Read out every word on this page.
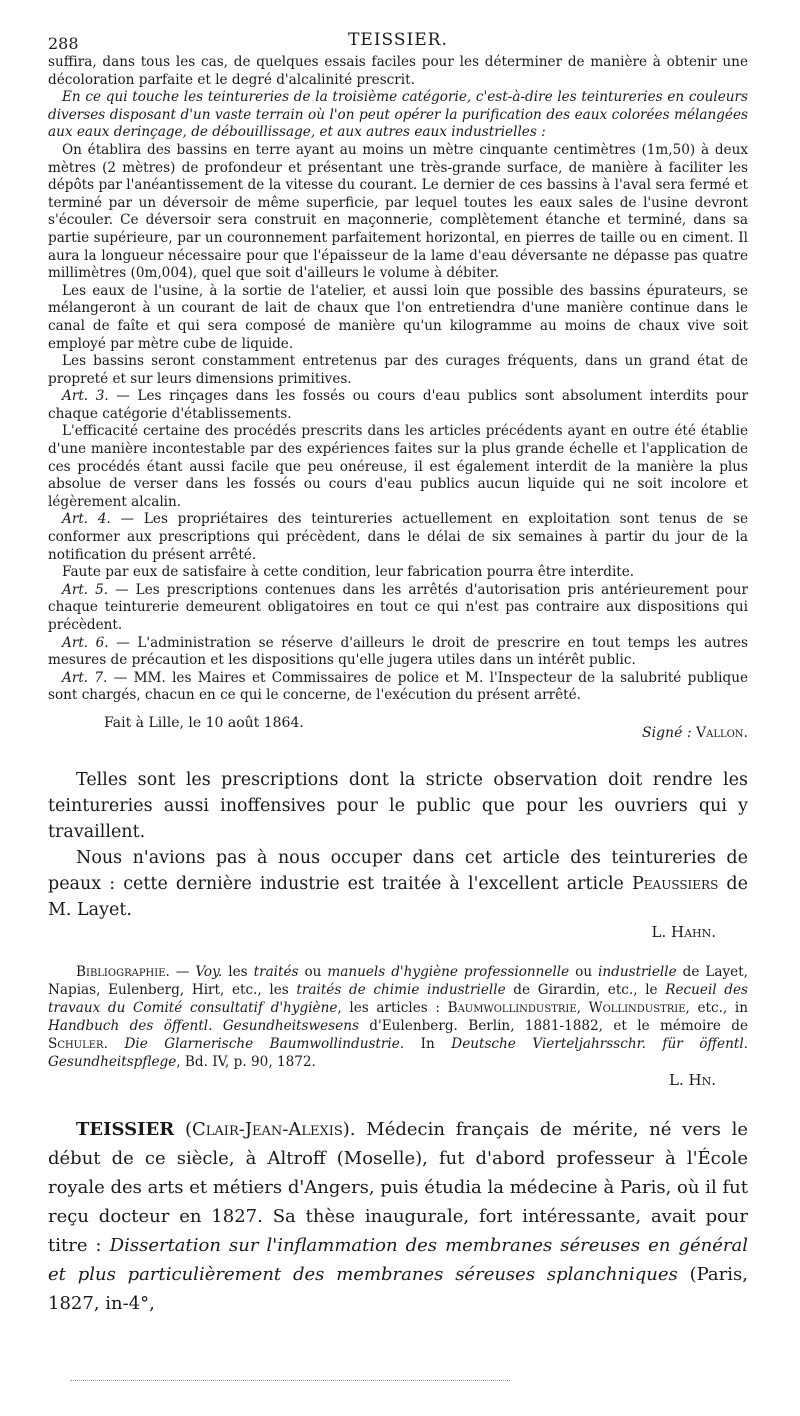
288	TEISSIER.

suffira, dans tous les cas, de quelques essais faciles pour les déterminer de manière à obtenir une décoloration parfaite et le degré d'alcalinité prescrit.

En ce qui touche les teintureries de la troisième catégorie, c'est-à-dire les teintureries en couleurs diverses disposant d'un vaste terrain où l'on peut opérer la purification des eaux colorées mélangées aux eaux derinçage, de débouillissage, et aux autres eaux industrielles :

On établira des bassins en terre ayant au moins un mètre cinquante centimètres (1m,50) à deux mètres (2 mètres) de profondeur et présentant une très-grande surface, de manière à faciliter les dépôts par l'anéantissement de la vitesse du courant. Le dernier de ces bassins à l'aval sera fermé et terminé par un déversoir de même superficie, par lequel toutes les eaux sales de l'usine devront s'écouler. Ce déversoir sera construit en maçonnerie, complètement étanche et terminé, dans sa partie supérieure, par un couronnement parfaitement horizontal, en pierres de taille ou en ciment. Il aura la longueur nécessaire pour que l'épaisseur de la lame d'eau déversante ne dépasse pas quatre millimètres (0m,004), quel que soit d'ailleurs le volume à débiter.

Les eaux de l'usine, à la sortie de l'atelier, et aussi loin que possible des bassins épurateurs, se mélangeront à un courant de lait de chaux que l'on entretiendra d'une manière continue dans le canal de faîte et qui sera composé de manière qu'un kilogramme au moins de chaux vive soit employé par mètre cube de liquide.

Les bassins seront constamment entretenus par des curages fréquents, dans un grand état de propreté et sur leurs dimensions primitives.

Art. 3. — Les rinçages dans les fossés ou cours d'eau publics sont absolument interdits pour chaque catégorie d'établissements.

L'efficacité certaine des procédés prescrits dans les articles précédents ayant en outre été établie d'une manière incontestable par des expériences faites sur la plus grande échelle et l'application de ces procédés étant aussi facile que peu onéreuse, il est également interdit de la manière la plus absolue de verser dans les fossés ou cours d'eau publics aucun liquide qui ne soit incolore et légèrement alcalin.

Art. 4. — Les propriétaires des teintureries actuellement en exploitation sont tenus de se conformer aux prescriptions qui précèdent, dans le délai de six semaines à partir du jour de la notification du présent arrêté.

Faute par eux de satisfaire à cette condition, leur fabrication pourra être interdite.

Art. 5. — Les prescriptions contenues dans les arrêtés d'autorisation pris antérieurement pour chaque teinturerie demeurent obligatoires en tout ce qui n'est pas contraire aux dispositions qui précèdent.

Art. 6. — L'administration se réserve d'ailleurs le droit de prescrire en tout temps les autres mesures de précaution et les dispositions qu'elle jugera utiles dans un intérêt public.

Art. 7. — MM. les Maires et Commissaires de police et M. l'Inspecteur de la salubrité publique sont chargés, chacun en ce qui le concerne, de l'exécution du présent arrêté.

Fait à Lille, le 10 août 1864.
Signé : Vallon.

Telles sont les prescriptions dont la stricte observation doit rendre les teintureries aussi inoffensives pour le public que pour les ouvriers qui y travaillent.

Nous n'avions pas à nous occuper dans cet article des teintureries de peaux : cette dernière industrie est traitée à l'excellent article Peaussiers de M. Layet.

L. Hahn.

Bibliographie. — Voy. les traités ou manuels d'hygiène professionnelle ou industrielle de Layet, Napias, Eulenberg, Hirt, etc., les traités de chimie industrielle de Girardin, etc., le Recueil des travaux du Comité consultatif d'hygiène, les articles : Baumwollindustrie, Wollindustrie, etc., in Handbuch des öffentl. Gesundheitswesens d'Eulenberg. Berlin, 1881-1882, et le mémoire de Schuler. Die Glarnerische Baumwollindustrie. In Deutsche Vierteljahrsschr. für öffentl. Gesundheitspflege, Bd. IV, p. 90, 1872.

L. Hn.

TEISSIER (Clair-Jean-Alexis). Médecin français de mérite, né vers le début de ce siècle, à Altroff (Moselle), fut d'abord professeur à l'École royale des arts et métiers d'Angers, puis étudia la médecine à Paris, où il fut reçu docteur en 1827. Sa thèse inaugurale, fort intéressante, avait pour titre : Dissertation sur l'inflammation des membranes séreuses en général et plus particulièrement des membranes séreuses splanchniques (Paris, 1827, in-4°,
